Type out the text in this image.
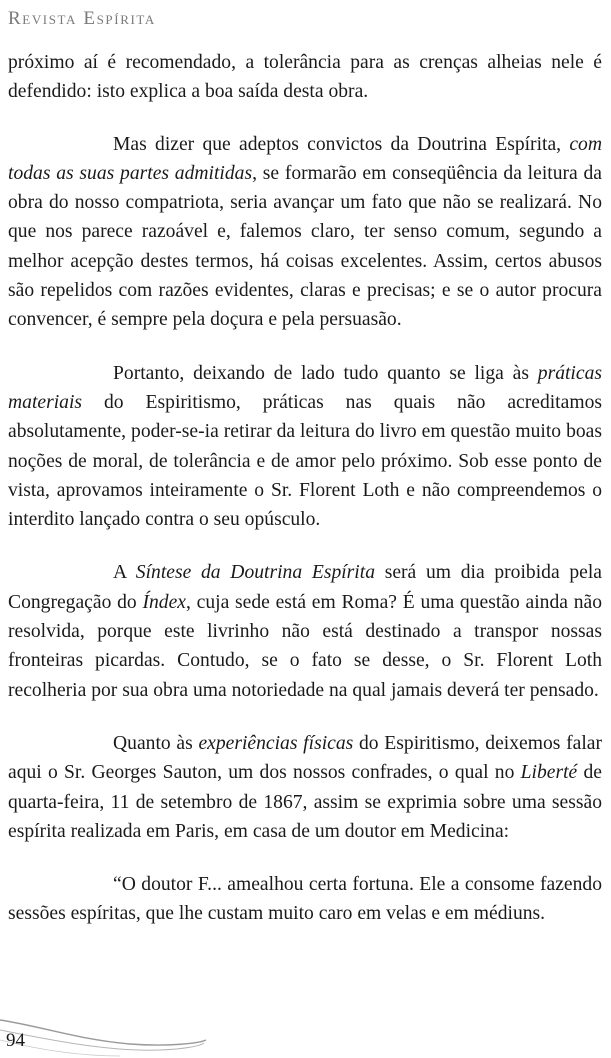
Revista Espírita

próximo aí é recomendado, a tolerância para as crenças alheias nele é defendido: isto explica a boa saída desta obra.

Mas dizer que adeptos convictos da Doutrina Espírita, com todas as suas partes admitidas, se formarão em conseqüência da leitura da obra do nosso compatriota, seria avançar um fato que não se realizará. No que nos parece razoável e, falemos claro, ter senso comum, segundo a melhor acepção destes termos, há coisas excelentes. Assim, certos abusos são repelidos com razões evidentes, claras e precisas; e se o autor procura convencer, é sempre pela doçura e pela persuasão.

Portanto, deixando de lado tudo quanto se liga às práticas materiais do Espiritismo, práticas nas quais não acreditamos absolutamente, poder-se-ia retirar da leitura do livro em questão muito boas noções de moral, de tolerância e de amor pelo próximo. Sob esse ponto de vista, aprovamos inteiramente o Sr. Florent Loth e não compreendemos o interdito lançado contra o seu opúsculo.

A Síntese da Doutrina Espírita será um dia proibida pela Congregação do Índex, cuja sede está em Roma? É uma questão ainda não resolvida, porque este livrinho não está destinado a transpor nossas fronteiras picardas. Contudo, se o fato se desse, o Sr. Florent Loth recolheria por sua obra uma notoriedade na qual jamais deverá ter pensado.

Quanto às experiências físicas do Espiritismo, deixemos falar aqui o Sr. Georges Sauton, um dos nossos confrades, o qual no Liberté de quarta-feira, 11 de setembro de 1867, assim se exprimia sobre uma sessão espírita realizada em Paris, em casa de um doutor em Medicina:

“O doutor F... amealhou certa fortuna. Ele a consome fazendo sessões espíritas, que lhe custam muito caro em velas e em médiuns.

94
